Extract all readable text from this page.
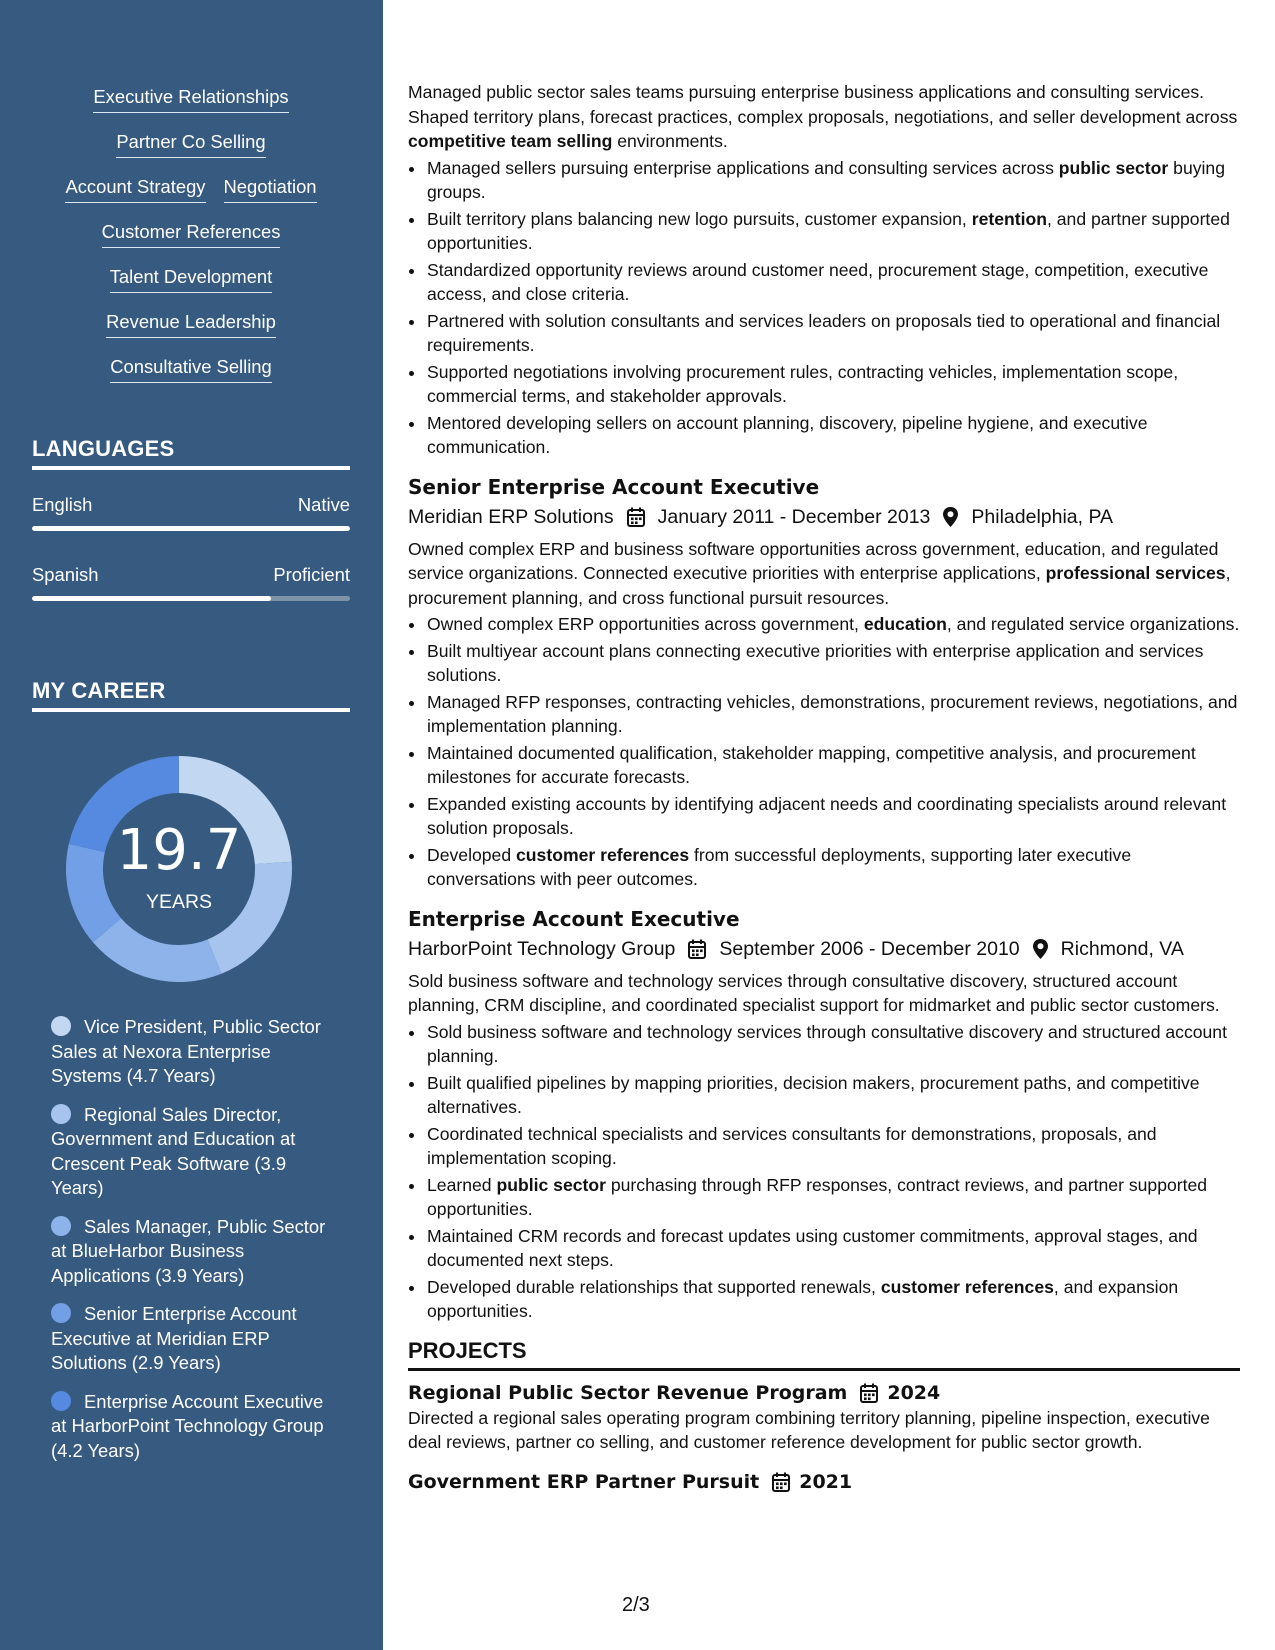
Executive Relationships
Partner Co Selling
Account Strategy Negotiation
Customer References
Talent Development
Revenue Leadership
Consultative Selling
LANGUAGES
English	Native
Spanish	Proficient
MY CAREER
19.7
YEARS
Vice President, Public Sector Sales at Nexora Enterprise Systems (4.7 Years)
Regional Sales Director, Government and Education at Crescent Peak Software (3.9 Years)
Sales Manager, Public Sector at BlueHarbor Business Applications (3.9 Years)
Senior Enterprise Account Executive at Meridian ERP Solutions (2.9 Years)
Enterprise Account Executive at HarborPoint Technology Group (4.2 Years)
Managed public sector sales teams pursuing enterprise business applications and consulting services. Shaped territory plans, forecast practices, complex proposals, negotiations, and seller development across competitive team selling environments.
• Managed sellers pursuing enterprise applications and consulting services across public sector buying groups.
• Built territory plans balancing new logo pursuits, customer expansion, retention, and partner supported opportunities.
• Standardized opportunity reviews around customer need, procurement stage, competition, executive access, and close criteria.
• Partnered with solution consultants and services leaders on proposals tied to operational and financial requirements.
• Supported negotiations involving procurement rules, contracting vehicles, implementation scope, commercial terms, and stakeholder approvals.
• Mentored developing sellers on account planning, discovery, pipeline hygiene, and executive communication.
Senior Enterprise Account Executive
Meridian ERP Solutions January 2011 - December 2013 Philadelphia, PA
Owned complex ERP and business software opportunities across government, education, and regulated service organizations. Connected executive priorities with enterprise applications, professional services, procurement planning, and cross functional pursuit resources.
• Owned complex ERP opportunities across government, education, and regulated service organizations.
• Built multiyear account plans connecting executive priorities with enterprise application and services solutions.
• Managed RFP responses, contracting vehicles, demonstrations, procurement reviews, negotiations, and implementation planning.
• Maintained documented qualification, stakeholder mapping, competitive analysis, and procurement milestones for accurate forecasts.
• Expanded existing accounts by identifying adjacent needs and coordinating specialists around relevant solution proposals.
• Developed customer references from successful deployments, supporting later executive conversations with peer outcomes.
Enterprise Account Executive
HarborPoint Technology Group September 2006 - December 2010 Richmond, VA
Sold business software and technology services through consultative discovery, structured account planning, CRM discipline, and coordinated specialist support for midmarket and public sector customers.
• Sold business software and technology services through consultative discovery and structured account planning.
• Built qualified pipelines by mapping priorities, decision makers, procurement paths, and competitive alternatives.
• Coordinated technical specialists and services consultants for demonstrations, proposals, and implementation scoping.
• Learned public sector purchasing through RFP responses, contract reviews, and partner supported opportunities.
• Maintained CRM records and forecast updates using customer commitments, approval stages, and documented next steps.
• Developed durable relationships that supported renewals, customer references, and expansion opportunities.
PROJECTS
Regional Public Sector Revenue Program 2024
Directed a regional sales operating program combining territory planning, pipeline inspection, executive deal reviews, partner co selling, and customer reference development for public sector growth.
Government ERP Partner Pursuit 2021
2/3
